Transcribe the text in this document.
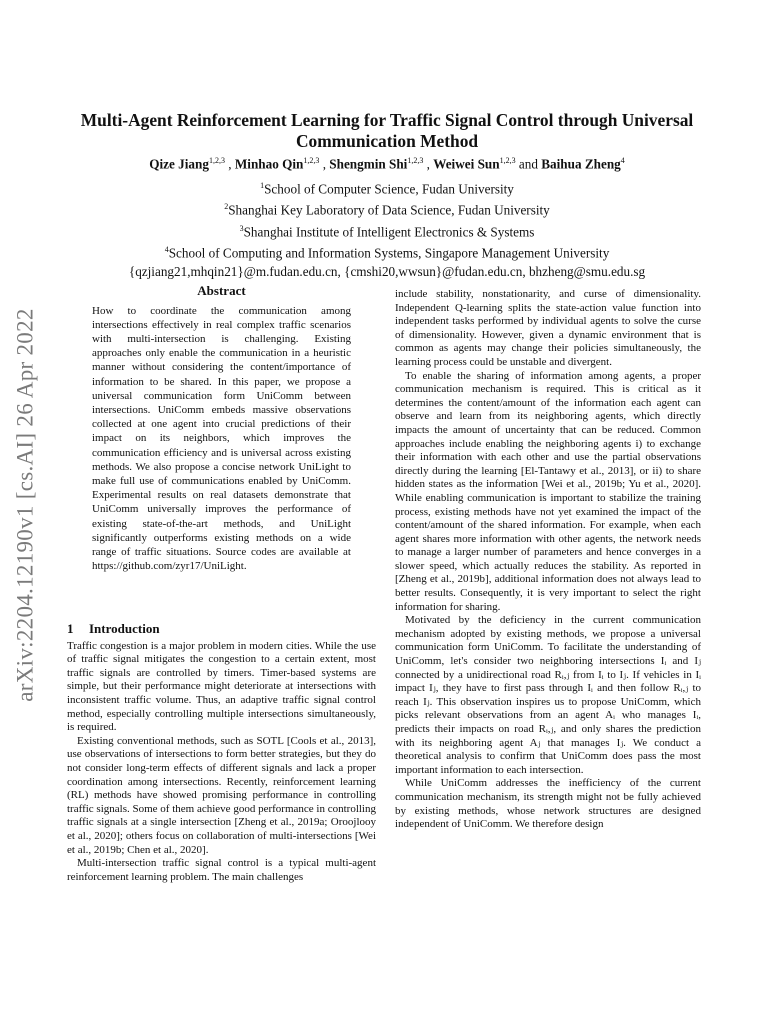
arXiv:2204.12190v1 [cs.AI] 26 Apr 2022
Multi-Agent Reinforcement Learning for Traffic Signal Control through Universal Communication Method
Qize Jiang$^{1,2,3}$ , Minhao Qin$^{1,2,3}$ , Shengmin Shi$^{1,2,3}$ , Weiwei Sun$^{1,2,3}$ and Baihua Zheng$^4$
$^1$School of Computer Science, Fudan University
$^2$Shanghai Key Laboratory of Data Science, Fudan University
$^3$Shanghai Institute of Intelligent Electronics & Systems
$^4$School of Computing and Information Systems, Singapore Management University
{qzjiang21,mhqin21}@m.fudan.edu.cn, {cmshi20,wwsun}@fudan.edu.cn, bhzheng@smu.edu.sg
Abstract

How to coordinate the communication among intersections effectively in real complex traffic scenarios with multi-intersection is challenging. Existing approaches only enable the communication in a heuristic manner without considering the content/importance of information to be shared. In this paper, we propose a universal communication form UniComm between intersections. UniComm embeds massive observations collected at one agent into crucial predictions of their impact on its neighbors, which improves the communication efficiency and is universal across existing methods. We also propose a concise network UniLight to make full use of communications enabled by UniComm. Experimental results on real datasets demonstrate that UniComm universally improves the performance of existing state-of-the-art methods, and UniLight significantly outperforms existing methods on a wide range of traffic situations. Source codes are available at https://github.com/zyr17/UniLight.

1 Introduction

Traffic congestion is a major problem in modern cities. While the use of traffic signal mitigates the congestion to a certain extent, most traffic signals are controlled by timers. Timer-based systems are simple, but their performance might deteriorate at intersections with inconsistent traffic volume. Thus, an adaptive traffic signal control method, especially controlling multiple intersections simultaneously, is required.

Existing conventional methods, such as SOTL [Cools et al., 2013], use observations of intersections to form better strategies, but they do not consider long-term effects of different signals and lack a proper coordination among intersections. Recently, reinforcement learning (RL) methods have showed promising performance in controlling traffic signals. Some of them achieve good performance in controlling traffic signals at a single intersection [Zheng et al., 2019a; Oroojlooy et al., 2020]; others focus on collaboration of multi-intersections [Wei et al., 2019b; Chen et al., 2020].

Multi-intersection traffic signal control is a typical multi-agent reinforcement learning problem. The main challenges

include stability, nonstationarity, and curse of dimensionality. Independent Q-learning splits the state-action value function into independent tasks performed by individual agents to solve the curse of dimensionality. However, given a dynamic environment that is common as agents may change their policies simultaneously, the learning process could be unstable and divergent.

To enable the sharing of information among agents, a proper communication mechanism is required. This is critical as it determines the content/amount of the information each agent can observe and learn from its neighboring agents, which directly impacts the amount of uncertainty that can be reduced. Common approaches include enabling the neighboring agents i) to exchange their information with each other and use the partial observations directly during the learning [El-Tantawy et al., 2013], or ii) to share hidden states as the information [Wei et al., 2019b; Yu et al., 2020]. While enabling communication is important to stabilize the training process, existing methods have not yet examined the impact of the content/amount of the shared information. For example, when each agent shares more information with other agents, the network needs to manage a larger number of parameters and hence converges in a slower speed, which actually reduces the stability. As reported in [Zheng et al., 2019b], additional information does not always lead to better results. Consequently, it is very important to select the right information for sharing.

Motivated by the deficiency in the current communication mechanism adopted by existing methods, we propose a universal communication form UniComm. To facilitate the understanding of UniComm, let's consider two neighboring intersections Iᵢ and Iⱼ connected by a unidirectional road Rᵢ,ⱼ from Iᵢ to Iⱼ. If vehicles in Iᵢ impact Iⱼ, they have to first pass through Iᵢ and then follow Rᵢ,ⱼ to reach Iⱼ. This observation inspires us to propose UniComm, which picks relevant observations from an agent Aᵢ who manages Iᵢ, predicts their impacts on road Rᵢ,ⱼ, and only shares the prediction with its neighboring agent Aⱼ that manages Iⱼ. We conduct a theoretical analysis to confirm that UniComm does pass the most important information to each intersection.

While UniComm addresses the inefficiency of the current communication mechanism, its strength might not be fully achieved by existing methods, whose network structures are designed independent of UniComm. We therefore design
